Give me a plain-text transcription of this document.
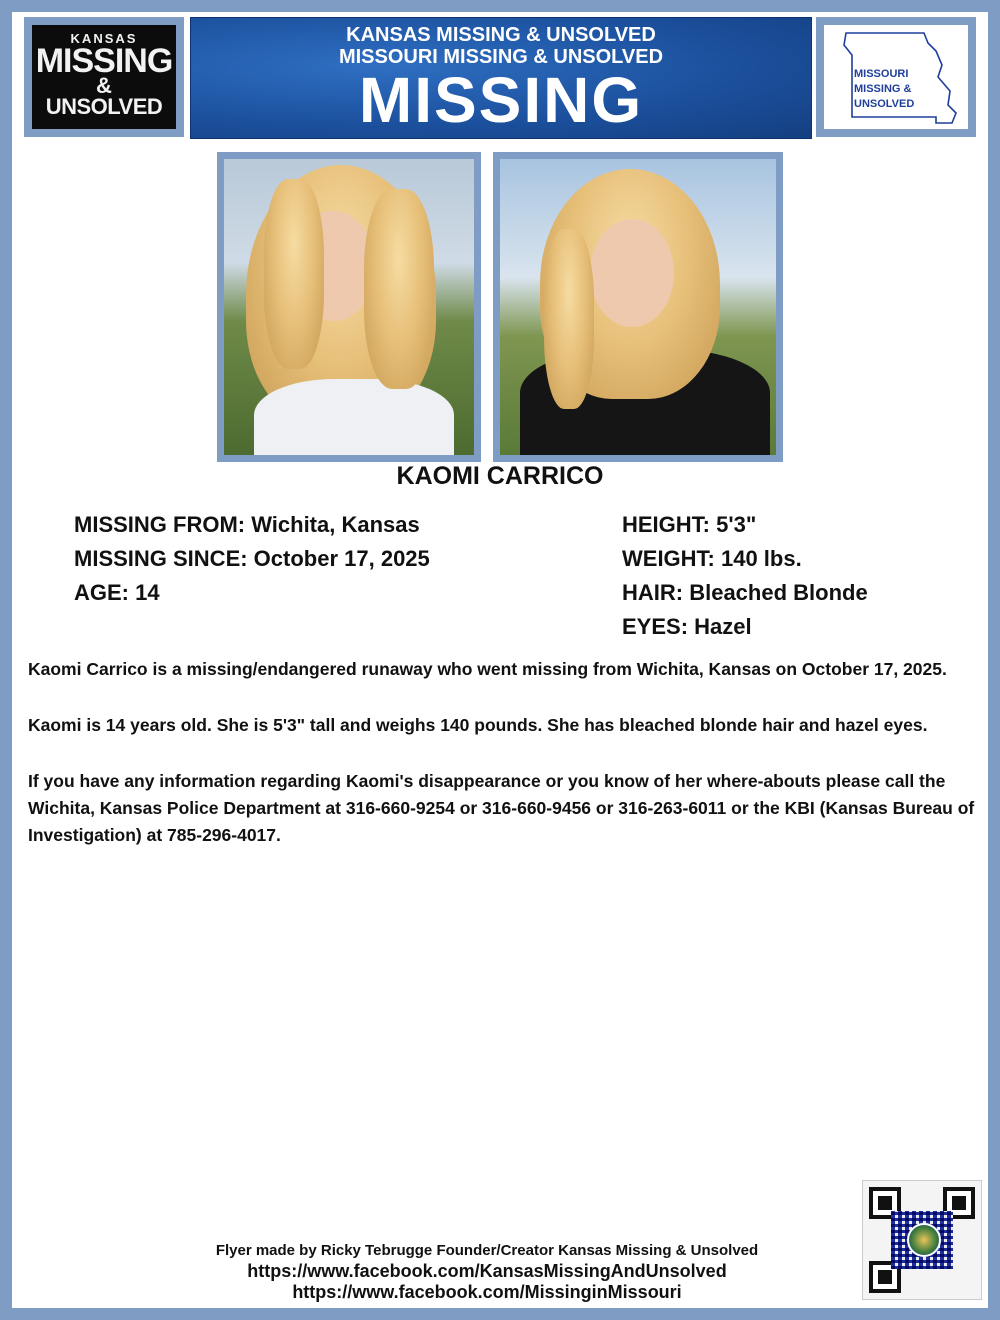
KANSAS
MISSING
&
UNSOLVED
KANSAS MISSING & UNSOLVED
MISSOURI MISSING & UNSOLVED
MISSING	MISSOURI
MISSING &
UNSOLVED
KAOMI CARRICO
MISSING FROM: Wichita, Kansas
MISSING SINCE: October 17, 2025
AGE: 14
HEIGHT: 5'3"
WEIGHT: 140 lbs.
HAIR: Bleached Blonde
EYES: Hazel

Kaomi Carrico is a missing/endangered runaway who went missing from Wichita, Kansas on October 17, 2025.

Kaomi is 14 years old. She is 5'3" tall and weighs 140 pounds. She has bleached blonde hair and hazel eyes.

If you have any information regarding Kaomi's disappearance or you know of her where-abouts please call the Wichita, Kansas Police Department at 316-660-9254 or 316-660-9456 or 316-263-6011 or the KBI (Kansas Bureau of Investigation) at 785-296-4017.

Flyer made by Ricky Tebrugge Founder/Creator Kansas Missing & Unsolved
https://www.facebook.com/KansasMissingAndUnsolved
https://www.facebook.com/MissinginMissouri
